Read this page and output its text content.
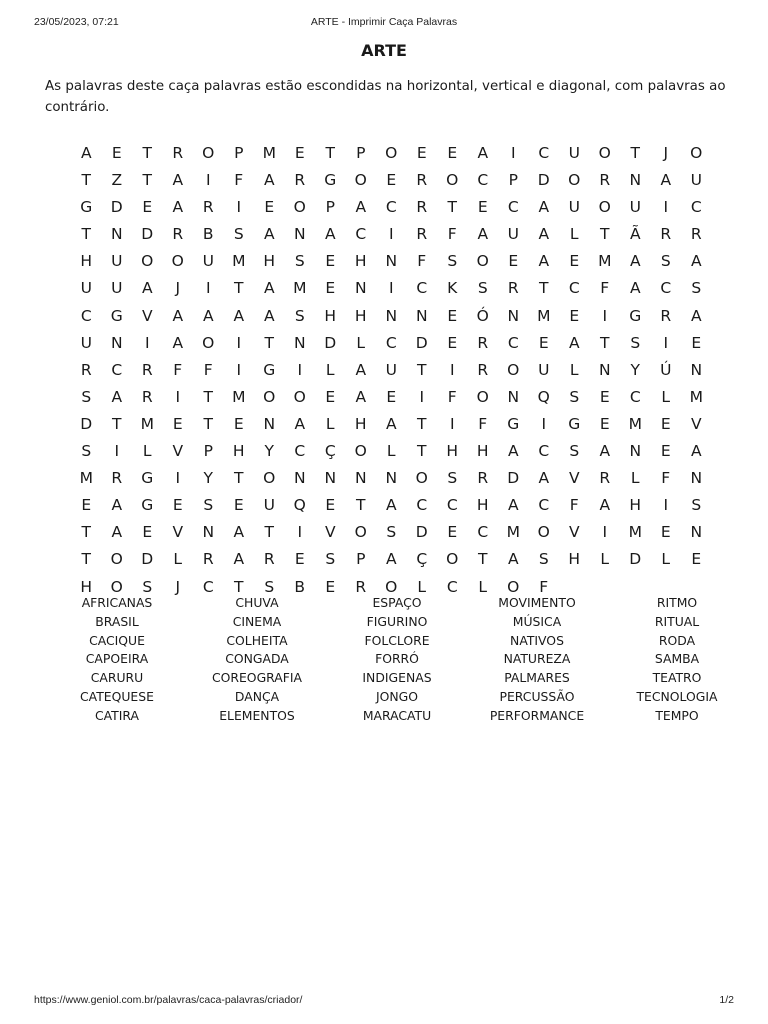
23/05/2023, 07:21	ARTE - Imprimir Caça Palavras
ARTE
As palavras deste caça palavras estão escondidas na horizontal, vertical e diagonal, com palavras ao contrário.
A	E	T	R	O	P	M	E	T	P	O	E	E	A	I	C	U	O	T	J	O
T	Z	T	A	I	F	A	R	G	O	E	R	O	C	P	D	O	R	N	A	U
G	D	E	A	R	I	E	O	P	A	C	R	T	E	C	A	U	O	U	I	C
T	N	D	R	B	S	A	N	A	C	I	R	F	A	U	A	L	T	Ã	R	R
H	U	O	O	U	M	H	S	E	H	N	F	S	O	E	A	E	M	A	S	A
U	U	A	J	I	T	A	M	E	N	I	C	K	S	R	T	C	F	A	C	S
C	G	V	A	A	A	A	S	H	H	N	N	E	Ó	N	M	E	I	G	R	A
U	N	I	A	O	I	T	N	D	L	C	D	E	R	C	E	A	T	S	I	E
R	C	R	F	F	I	G	I	L	A	U	T	I	R	O	U	L	N	Y	Ú	N
S	A	R	I	T	M	O	O	E	A	E	I	F	O	N	Q	S	E	C	L	M
D	T	M	E	T	E	N	A	L	H	A	T	I	F	G	I	G	E	M	E	V
S	I	L	V	P	H	Y	C	Ç	O	L	T	H	H	A	C	S	A	N	E	A
M	R	G	I	Y	T	O	N	N	N	N	O	S	R	D	A	V	R	L	F	N
E	A	G	E	S	E	U	Q	E	T	A	C	C	H	A	C	F	A	H	I	S
T	A	E	V	N	A	T	I	V	O	S	D	E	C	M	O	V	I	M	E	N
T	O	D	L	R	A	R	E	S	P	A	Ç	O	T	A	S	H	L	D	L	E
H	O	S	J	C	T	S	B	E	R	O	L	C	L	O	F
AFRICANAS
BRASIL
CACIQUE
CAPOEIRA
CARURU
CATEQUESE
CATIRA
CHUVA
CINEMA
COLHEITA
CONGADA
COREOGRAFIA
DANÇA
ELEMENTOS
ESPAÇO
FIGURINO
FOLCLORE
FORRÓ
INDIGENAS
JONGO
MARACATU
MOVIMENTO
MÚSICA
NATIVOS
NATUREZA
PALMARES
PERCUSSÃO
PERFORMANCE
RITMO
RITUAL
RODA
SAMBA
TEATRO
TECNOLOGIA
TEMPO
https://www.geniol.com.br/palavras/caca-palavras/criador/	1/2
